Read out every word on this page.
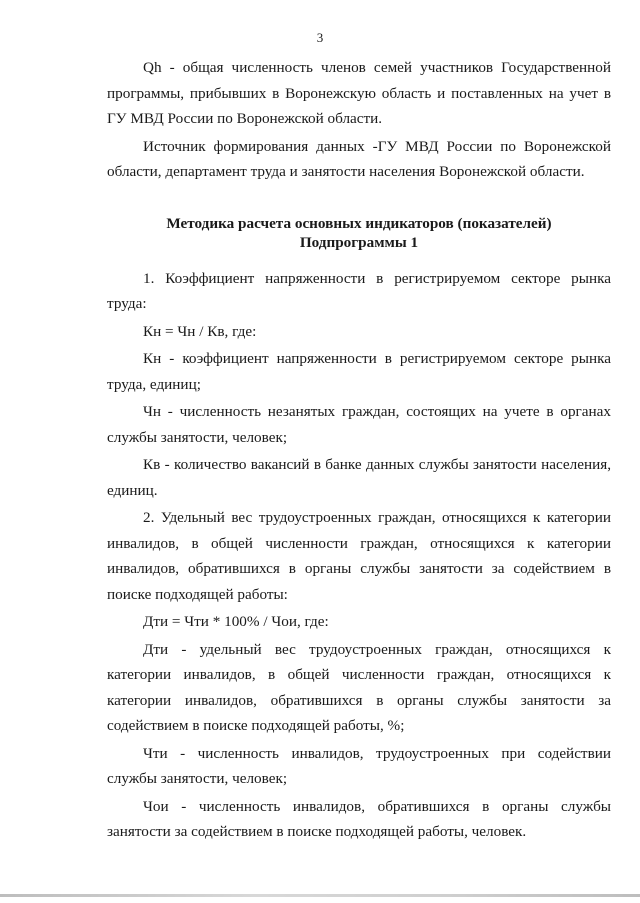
3

Qh - общая численность членов семей участников Государственной программы, прибывших в Воронежскую область и поставленных на учет в ГУ МВД России по Воронежской области.

Источник формирования данных -ГУ МВД России по Воронежской области, департамент труда и занятости населения Воронежской области.

Методика расчета основных индикаторов (показателей)

Подпрограммы 1

1. Коэффициент напряженности в регистрируемом секторе рынка труда:

Кн = Чн / Кв, где:

Кн - коэффициент напряженности в регистрируемом секторе рынка труда, единиц;

Чн - численность незанятых граждан, состоящих на учете в органах службы занятости, человек;

Кв - количество вакансий в банке данных службы занятости населения, единиц.

2. Удельный вес трудоустроенных граждан, относящихся к категории инвалидов, в общей численности граждан, относящихся к категории инвалидов, обратившихся в органы службы занятости за содействием в поиске подходящей работы:

Дти = Чти * 100% / Чои, где:

Дти - удельный вес трудоустроенных граждан, относящихся к категории инвалидов, в общей численности граждан, относящихся к категории инвалидов, обратившихся в органы службы занятости за содействием в поиске подходящей работы, %;

Чти - численность инвалидов, трудоустроенных при содействии службы занятости, человек;

Чои - численность инвалидов, обратившихся в органы службы занятости за содействием в поиске подходящей работы, человек.
